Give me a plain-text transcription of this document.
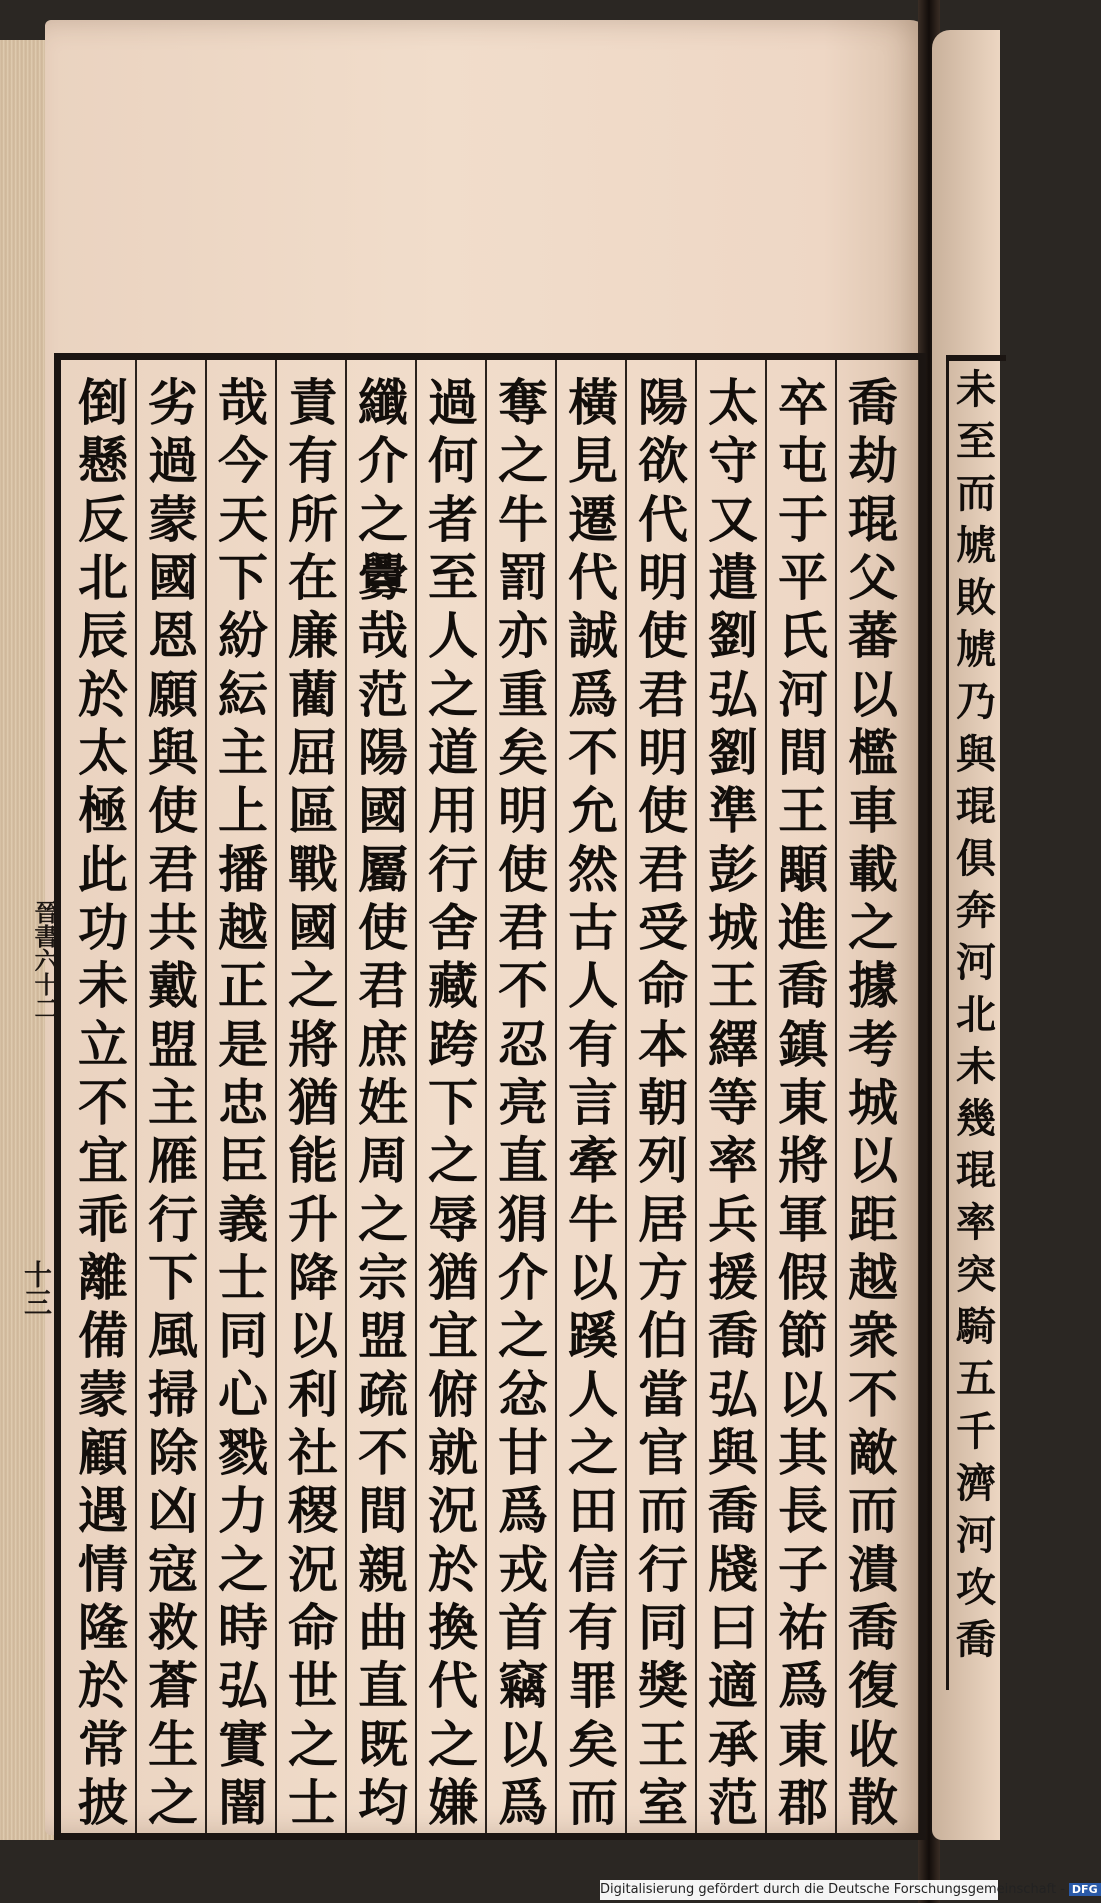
晉書六十二
十三
喬
劫
琨
父
蕃
以
檻
車
載
之
據
考
城
以
距
越
衆
不
敵
而
潰
喬
復
收
散
卒
屯
于
平
氏
河
間
王
顒
進
喬
鎮
東
將
軍
假
節
以
其
長
子
祐
爲
東
郡
太
守
又
遣
劉
弘
劉
準
彭
城
王
繹
等
率
兵
援
喬
弘
與
喬
牋
曰
適
承
范
陽
欲
代
明
使
君
明
使
君
受
命
本
朝
列
居
方
伯
當
官
而
行
同
獎
王
室
橫
見
遷
代
誠
爲
不
允
然
古
人
有
言
牽
牛
以
蹊
人
之
田
信
有
罪
矣
而
奪
之
牛
罰
亦
重
矣
明
使
君
不
忍
亮
直
狷
介
之
忿
甘
爲
戎
首
竊
以
爲
過
何
者
至
人
之
道
用
行
舍
藏
跨
下
之
辱
猶
宜
俯
就
況
於
換
代
之
嫌
纖
介
之
釁
哉
范
陽
國
屬
使
君
庶
姓
周
之
宗
盟
疏
不
間
親
曲
直
既
均
責
有
所
在
廉
藺
屈
區
戰
國
之
將
猶
能
升
降
以
利
社
稷
況
命
世
之
士
哉
今
天
下
紛
紜
主
上
播
越
正
是
忠
臣
義
士
同
心
戮
力
之
時
弘
實
闇
劣
過
蒙
國
恩
願
與
使
君
共
戴
盟
主
雁
行
下
風
掃
除
凶
寇
救
蒼
生
之
倒
懸
反
北
辰
於
太
極
此
功
未
立
不
宜
乖
離
備
蒙
顧
遇
情
隆
於
常
披
未
至
而
虓
敗
虓
乃
與
琨
俱
奔
河
北
未
幾
琨
率
突
騎
五
千
濟
河
攻
喬
Digitalisierung gefördert durch die Deutsche Forschungsgemeinschaft - DFG
